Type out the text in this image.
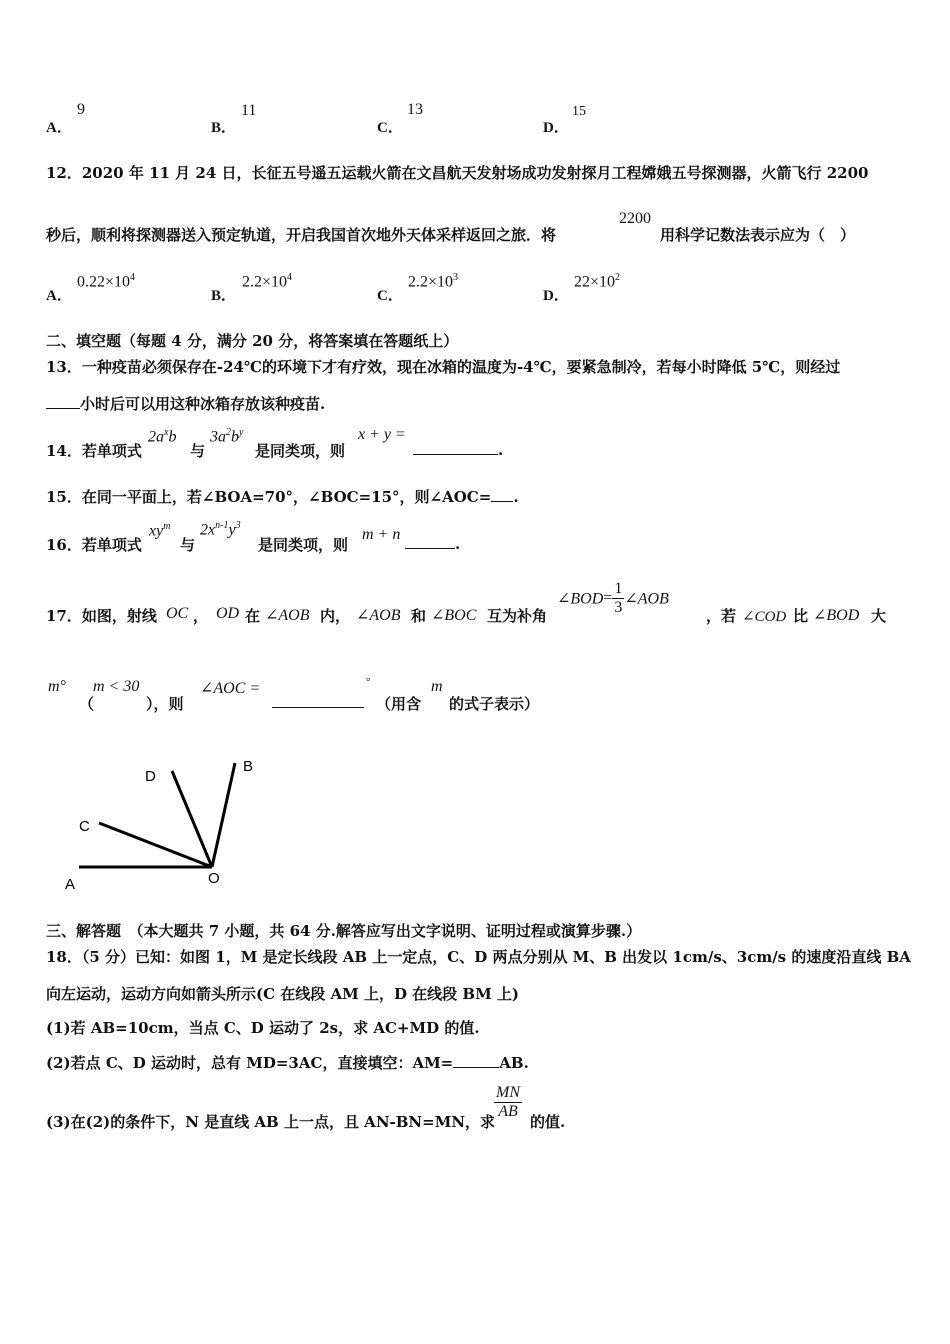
A．
9
B．
11
C．
13
D．
15
12．2020 年 11 月 24 日，长征五号遥五运载火箭在文昌航天发射场成功发射探月工程嫦娥五号探测器，火箭飞行 2200
秒后，顺利将探测器送入预定轨道，开启我国首次地外天体采样返回之旅．将
2200
用科学记数法表示应为（　）
A．
$0.22\times 10^4$
B．
$2.2\times 10^4$
C．
$2.2\times 10^3$
D．
$22\times 10^2$
二、填空题（每题 4 分，满分 20 分，将答案填在答题纸上）
13．一种疫苗必须保存在-24℃的环境下才有疗效，现在冰箱的温度为-4℃，要紧急制冷，若每小时降低 5℃，则经过
小时后可以用这种冰箱存放该种疫苗.
14．若单项式
$2a^xb$
与
$3a^2b^y$
是同类项，则
x + y =
.
15．在同一平面上，若∠BOA=70°，∠BOC=15°，则∠AOC= .
16．若单项式
$xy^m$
与
$2x^{n-1}y^3$
是同类项，则
m + n
.
17．如图，射线 OC ， OD 在 ∠AOB 内， ∠AOB 和 ∠BOC 互为补角
∠BOD= $\frac{1}{3}$ ∠AOB
，若 ∠COD 比 ∠BOD 大
m°
（
m < 30
），则
∠AOC =	°
（用含
m
的式子表示）
A
B
C
D
O
三、解答题　（本大题共 7 小题，共 64 分.解答应写出文字说明、证明过程或演算步骤.）
18．（5 分）已知：如图 1，M 是定长线段 AB 上一定点，C、D 两点分别从 M、B 出发以 1cm/s、3cm/s 的速度沿直线 BA
向左运动，运动方向如箭头所示(C 在线段 AM 上，D 在线段 BM 上)
(1)若 AB=10cm，当点 C、D 运动了 2s，求 AC+MD 的值.
(2)若点 C、D 运动时，总有 MD=3AC，直接填空：AM=	AB.
(3)在(2)的条件下，N 是直线 AB 上一点，且 AN-BN=MN，求
$\frac{MN}{AB}$
的值.
